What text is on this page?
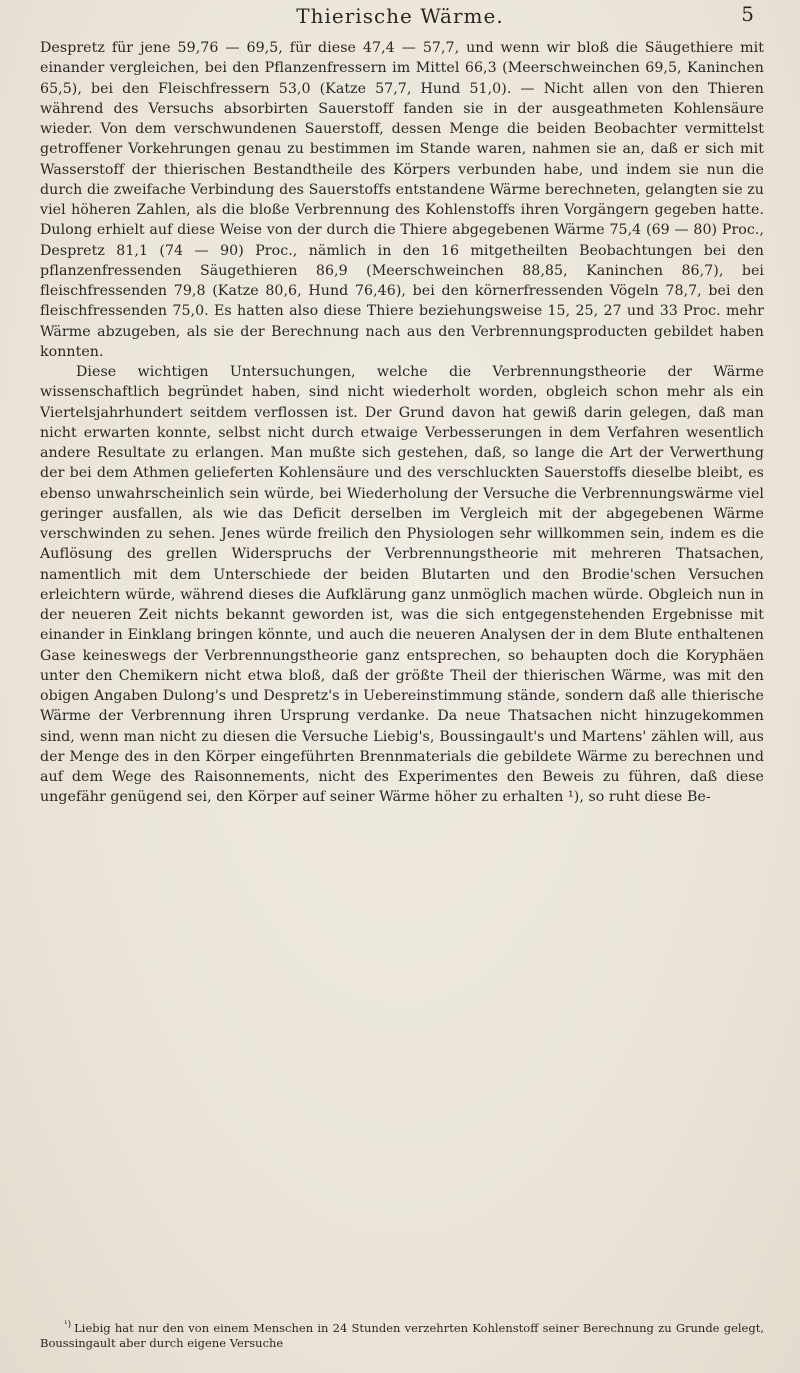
Thierische Wärme.	5

Despretz für jene 59,76 — 69,5, für diese 47,4 — 57,7, und wenn wir bloß die Säugethiere mit einander vergleichen, bei den Pflanzenfressern im Mittel 66,3 (Meerschweinchen 69,5, Kaninchen 65,5), bei den Fleischfressern 53,0 (Katze 57,7, Hund 51,0). — Nicht allen von den Thieren während des Versuchs absorbirten Sauerstoff fanden sie in der ausgeathmeten Kohlensäure wieder. Von dem verschwundenen Sauerstoff, dessen Menge die beiden Beobachter vermittelst getroffener Vorkehrungen genau zu bestimmen im Stande waren, nahmen sie an, daß er sich mit Wasserstoff der thierischen Bestandtheile des Körpers verbunden habe, und indem sie nun die durch die zweifache Verbindung des Sauerstoffs entstandene Wärme berechneten, gelangten sie zu viel höheren Zahlen, als die bloße Verbrennung des Kohlenstoffs ihren Vorgängern gegeben hatte. Dulong erhielt auf diese Weise von der durch die Thiere abgegebenen Wärme 75,4 (69 — 80) Proc., Despretz 81,1 (74 — 90) Proc., nämlich in den 16 mitgetheilten Beobachtungen bei den pflanzenfressenden Säugethieren 86,9 (Meerschweinchen 88,85, Kaninchen 86,7), bei fleischfressenden 79,8 (Katze 80,6, Hund 76,46), bei den körnerfressenden Vögeln 78,7, bei den fleischfressenden 75,0. Es hatten also diese Thiere beziehungsweise 15, 25, 27 und 33 Proc. mehr Wärme abzugeben, als sie der Berechnung nach aus den Verbrennungsproducten gebildet haben konnten.

Diese wichtigen Untersuchungen, welche die Verbrennungstheorie der Wärme wissenschaftlich begründet haben, sind nicht wiederholt worden, obgleich schon mehr als ein Viertelsjahrhundert seitdem verflossen ist. Der Grund davon hat gewiß darin gelegen, daß man nicht erwarten konnte, selbst nicht durch etwaige Verbesserungen in dem Verfahren wesentlich andere Resultate zu erlangen. Man mußte sich gestehen, daß, so lange die Art der Verwerthung der bei dem Athmen gelieferten Kohlensäure und des verschluckten Sauerstoffs dieselbe bleibt, es ebenso unwahrscheinlich sein würde, bei Wiederholung der Versuche die Verbrennungswärme viel geringer ausfallen, als wie das Deficit derselben im Vergleich mit der abgegebenen Wärme verschwinden zu sehen. Jenes würde freilich den Physiologen sehr willkommen sein, indem es die Auflösung des grellen Widerspruchs der Verbrennungstheorie mit mehreren Thatsachen, namentlich mit dem Unterschiede der beiden Blutarten und den Brodie'schen Versuchen erleichtern würde, während dieses die Aufklärung ganz unmöglich machen würde. Obgleich nun in der neueren Zeit nichts bekannt geworden ist, was die sich entgegenstehenden Ergebnisse mit einander in Einklang bringen könnte, und auch die neueren Analysen der in dem Blute enthaltenen Gase keineswegs der Verbrennungstheorie ganz entsprechen, so behaupten doch die Koryphäen unter den Chemikern nicht etwa bloß, daß der größte Theil der thierischen Wärme, was mit den obigen Angaben Dulong's und Despretz's in Uebereinstimmung stände, sondern daß alle thierische Wärme der Verbrennung ihren Ursprung verdanke. Da neue Thatsachen nicht hinzugekommen sind, wenn man nicht zu diesen die Versuche Liebig's, Boussingault's und Martens' zählen will, aus der Menge des in den Körper eingeführten Brennmaterials die gebildete Wärme zu berechnen und auf dem Wege des Raisonnements, nicht des Experimentes den Beweis zu führen, daß diese ungefähr genügend sei, den Körper auf seiner Wärme höher zu erhalten ¹), so ruht diese Be-

$^{^1)}$ Liebig hat nur den von einem Menschen in 24 Stunden verzehrten Kohlenstoff seiner Berechnung zu Grunde gelegt, Boussingault aber durch eigene Versuche
